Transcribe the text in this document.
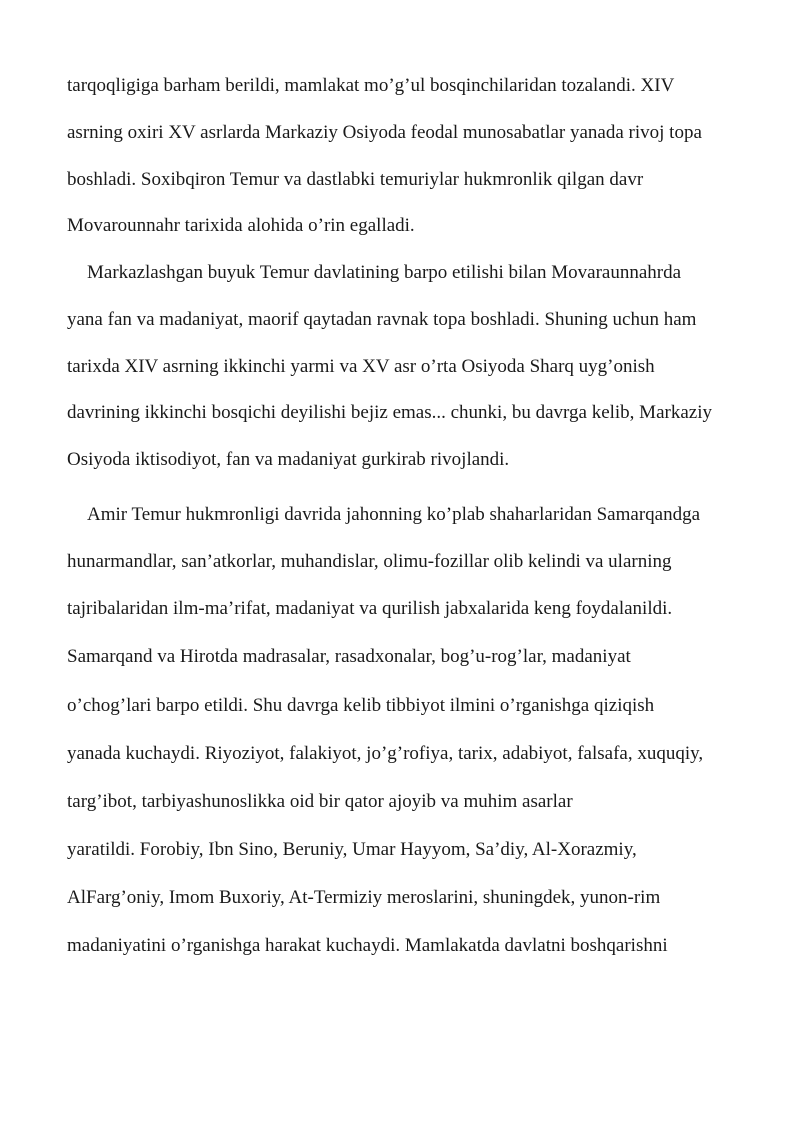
tarqoqligiga barham berildi, mamlakat mo’g’ul bosqinchilaridan tozalandi. XIV

asrning oxiri XV asrlarda Markaziy Osiyoda feodal munosabatlar yanada rivoj topa

boshladi. Soxibqiron Temur va dastlabki temuriylar hukmronlik qilgan davr

Movarounnahr tarixida alohida o’rin egalladi.

Markazlashgan buyuk Temur davlatining barpo etilishi bilan Movaraunnahrda

yana fan va madaniyat, maorif qaytadan ravnak topa boshladi. Shuning uchun ham

tarixda XIV asrning ikkinchi yarmi va XV asr o’rta Osiyoda Sharq uyg’onish

davrining ikkinchi bosqichi deyilishi bejiz emas... chunki, bu davrga kelib, Markaziy

Osiyoda iktisodiyot, fan va madaniyat gurkirab rivojlandi.

Amir Temur hukmronligi davrida jahonning ko’plab shaharlaridan Samarqandga

hunarmandlar, san’atkorlar, muhandislar, olimu-fozillar olib kelindi va ularning

tajribalaridan ilm-ma’rifat, madaniyat va qurilish jabxalarida keng foydalanildi.

Samarqand va Hirotda madrasalar, rasadxonalar, bog’u-rog’lar, madaniyat

o’chog’lari barpo etildi. Shu davrga kelib tibbiyot ilmini o’rganishga qiziqish

yanada kuchaydi. Riyoziyot, falakiyot, jo’g’rofiya, tarix, adabiyot, falsafa, xuquqiy,

targ’ibot, tarbiyashunoslikka oid bir qator ajoyib va muhim asarlar

yaratildi. Forobiy, Ibn Sino, Beruniy, Umar Hayyom, Sa’diy, Al-Xorazmiy,

AlFarg’oniy, Imom Buxoriy, At-Termiziy meroslarini, shuningdek, yunon-rim

madaniyatini o’rganishga harakat kuchaydi. Mamlakatda davlatni boshqarishni
